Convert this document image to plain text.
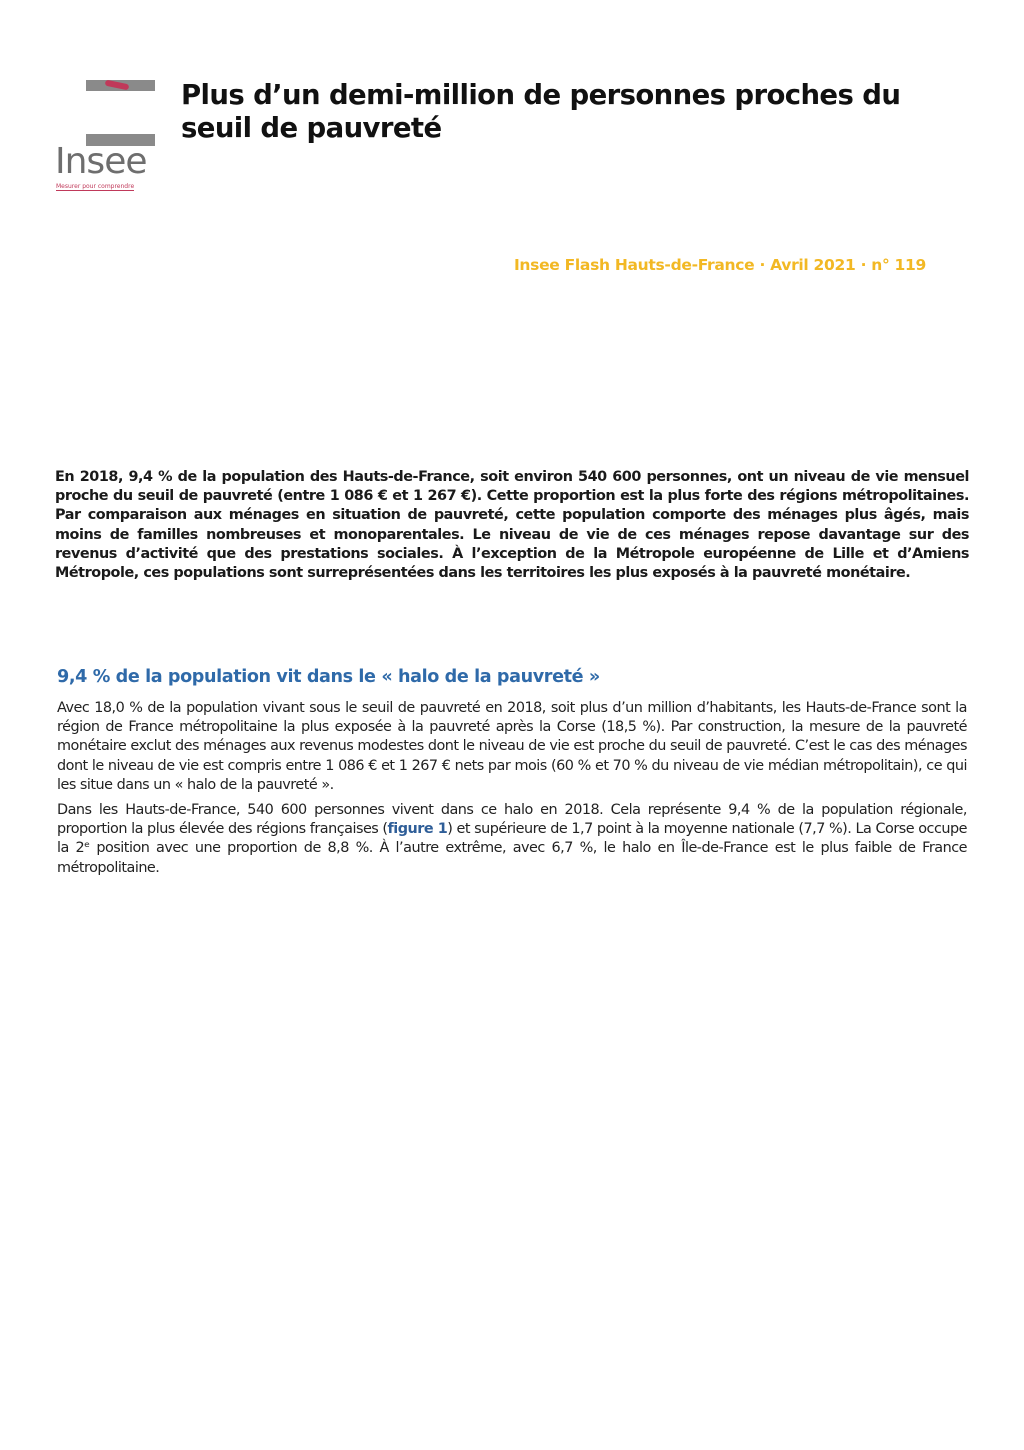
Insee
Mesurer pour comprendre
Plus d’un demi-million de personnes proches du seuil de pauvreté
Insee Flash Hauts-de-France · Avril 2021 · n° 119

En 2018, 9,4 % de la population des Hauts-de-France, soit environ 540 600 personnes, ont un niveau de vie mensuel proche du seuil de pauvreté (entre 1 086 € et 1 267 €). Cette proportion est la plus forte des régions métropolitaines. Par comparaison aux ménages en situation de pauvreté, cette population comporte des ménages plus âgés, mais moins de familles nombreuses et monoparentales. Le niveau de vie de ces ménages repose davantage sur des revenus d’activité que des prestations sociales. À l’exception de la Métropole européenne de Lille et d’Amiens Métropole, ces populations sont surreprésentées dans les territoires les plus exposés à la pauvreté monétaire.

9,4 % de la population vit dans le « halo de la pauvreté »

Avec 18,0 % de la population vivant sous le seuil de pauvreté en 2018, soit plus d’un million d’habitants, les Hauts-de-France sont la région de France métropolitaine la plus exposée à la pauvreté après la Corse (18,5 %). Par construction, la mesure de la pauvreté monétaire exclut des ménages aux revenus modestes dont le niveau de vie est proche du seuil de pauvreté. C’est le cas des ménages dont le niveau de vie est compris entre 1 086 € et 1 267 € nets par mois (60 % et 70 % du niveau de vie médian métropolitain), ce qui les situe dans un « halo de la pauvreté ».

Dans les Hauts-de-France, 540 600 personnes vivent dans ce halo en 2018. Cela représente 9,4 % de la population régionale, proportion la plus élevée des régions françaises (figure 1) et supérieure de 1,7 point à la moyenne nationale (7,7 %). La Corse occupe la 2ᵉ position avec une proportion de 8,8 %. À l’autre extrême, avec 6,7 %, le halo en Île-de-France est le plus faible de France métropolitaine.
